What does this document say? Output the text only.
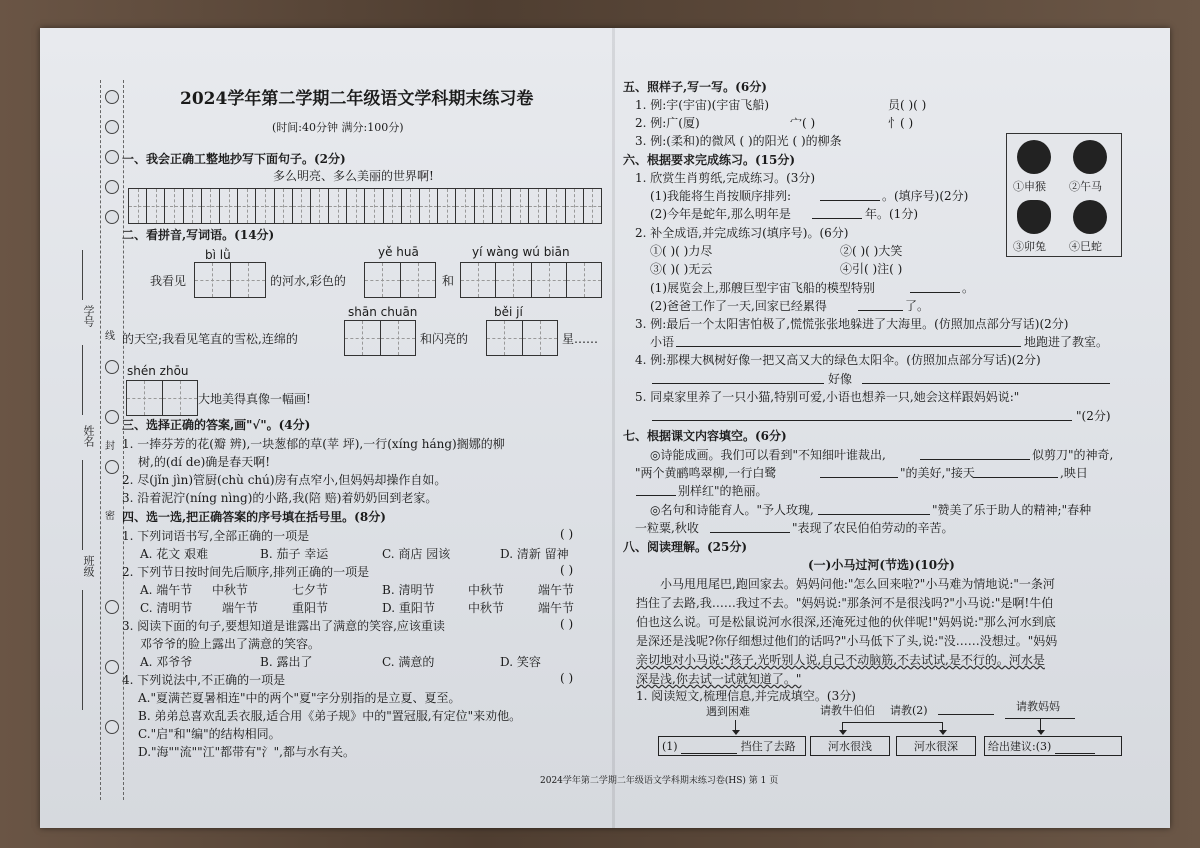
学号
姓名
班级
线
封
密
2024学年第二学期二年级语文学科期末练习卷
(时间:40分钟 满分:100分)
一、我会正确工整地抄写下面句子。(2分)
多么明亮、多么美丽的世界啊!
二、看拼音,写词语。(14分)
bì lǜ	yě huā	yí wàng wú biān
我看见	的河水,彩色的	和
shān chuān	běi jí
的天空;我看见笔直的雪松,连绵的	和闪亮的	星……
shén zhōu
大地美得真像一幅画!
三、选择正确的答案,画"√"。(4分)
1. 一捧芬芳的花(瓣 辨),一块葱郁的草(苹 坪),一行(xíng háng)搁娜的柳
树,的(dí de)确是春天啊!
2. 尽(jǐn jìn)管厨(chù chú)房有点窄小,但妈妈却操作自如。
3. 沿着泥泞(níng nìng)的小路,我(陪 赔)着奶奶回到老家。
四、选一选,把正确答案的序号填在括号里。(8分)
( )
1. 下列词语书写,全部正确的一项是
A. 花文 艰难	B. 茄子 幸运	C. 商店 园该	D. 清新 留神
( )
2. 下列节日按时间先后顺序,排列正确的一项是
A. 端午节 中秋节	七夕节	B. 清明节	中秋节	端午节
C. 清明节 端午节	重阳节	D. 重阳节	中秋节	端午节
( )
3. 阅读下面的句子,要想知道是谁露出了满意的笑容,应该重读
邓爷爷的脸上露出了满意的笑容。
A. 邓爷爷	B. 露出了	C. 满意的	D. 笑容
( )
4. 下列说法中,不正确的一项是
A."夏满芒夏暑相连"中的两个"夏"字分别指的是立夏、夏至。
B. 弟弟总喜欢乱丢衣服,适合用《弟子规》中的"置冠服,有定位"来劝他。
C."启"和"编"的结构相同。
D."海""流""江"都带有"氵",都与水有关。
五、照样子,写一写。(6分)
1. 例:宇(宇宙)(宇宙飞船)	员( )( )
2. 例:广(厦)	宀( )	忄( )
3. 例:(柔和)的微风 ( )的阳光 ( )的柳条
六、根据要求完成练习。(15分)
1. 欣赏生肖剪纸,完成练习。(3分)
(1)我能将生肖按顺序排列:	。(填序号)(2分)
(2)今年是蛇年,那么明年是	年。(1分)
2. 补全成语,并完成练习(填序号)。(6分)
①( )( )力尽	②( )( )大笑
③( )( )无云	④引( )注( )
(1)展览会上,那艘巨型宇宙飞船的模型特别	。
(2)爸爸工作了一天,回家已经累得	了。
①申猴 ②午马
③卯兔 ④巳蛇
3. 例:最后一个太阳害怕极了,慌慌张张地躲进了大海里。(仿照加点部分写话)(2分)
小语	地跑进了教室。
4. 例:那棵大枫树好像一把又高又大的绿色太阳伞。(仿照加点部分写话)(2分)
好像
5. 同桌家里养了一只小猫,特别可爱,小语也想养一只,她会这样跟妈妈说:"
"(2分)
七、根据课文内容填空。(6分)
◎诗能成画。我们可以看到"不知细叶谁裁出,	似剪刀"的神奇,
"两个黄鹂鸣翠柳,一行白鹭	"的美好,"接天	,映日
别样红"的艳丽。
◎名句和诗能育人。"予人玫瑰,	"赞美了乐于助人的精神;"春种
一粒粟,秋收	"表现了农民伯伯劳动的辛苦。
八、阅读理解。(25分)
(一)小马过河(节选)(10分)
小马甩甩尾巴,跑回家去。妈妈问他:"怎么回来啦?"小马难为情地说:"一条河
挡住了去路,我……我过不去。"妈妈说:"那条河不是很浅吗?"小马说:"是啊!牛伯
伯也这么说。可是松鼠说河水很深,还淹死过他的伙伴呢!"妈妈说:"那么河水到底
是深还是浅呢?你仔细想过他们的话吗?"小马低下了头,说:"没……没想过。"妈妈
亲切地对小马说:"孩子,光听别人说,自己不动脑筋,不去试试,是不行的。河水是
深是浅,你去试一试就知道了。"
1. 阅读短文,梳理信息,并完成填空。(3分)
遇到困难	请教牛伯伯 请教(2)	请教妈妈
(1)	挡住了去路	河水很浅	河水很深	给出建议:(3)
2024学年第二学期二年级语文学科期末练习卷(HS) 第 1 页
